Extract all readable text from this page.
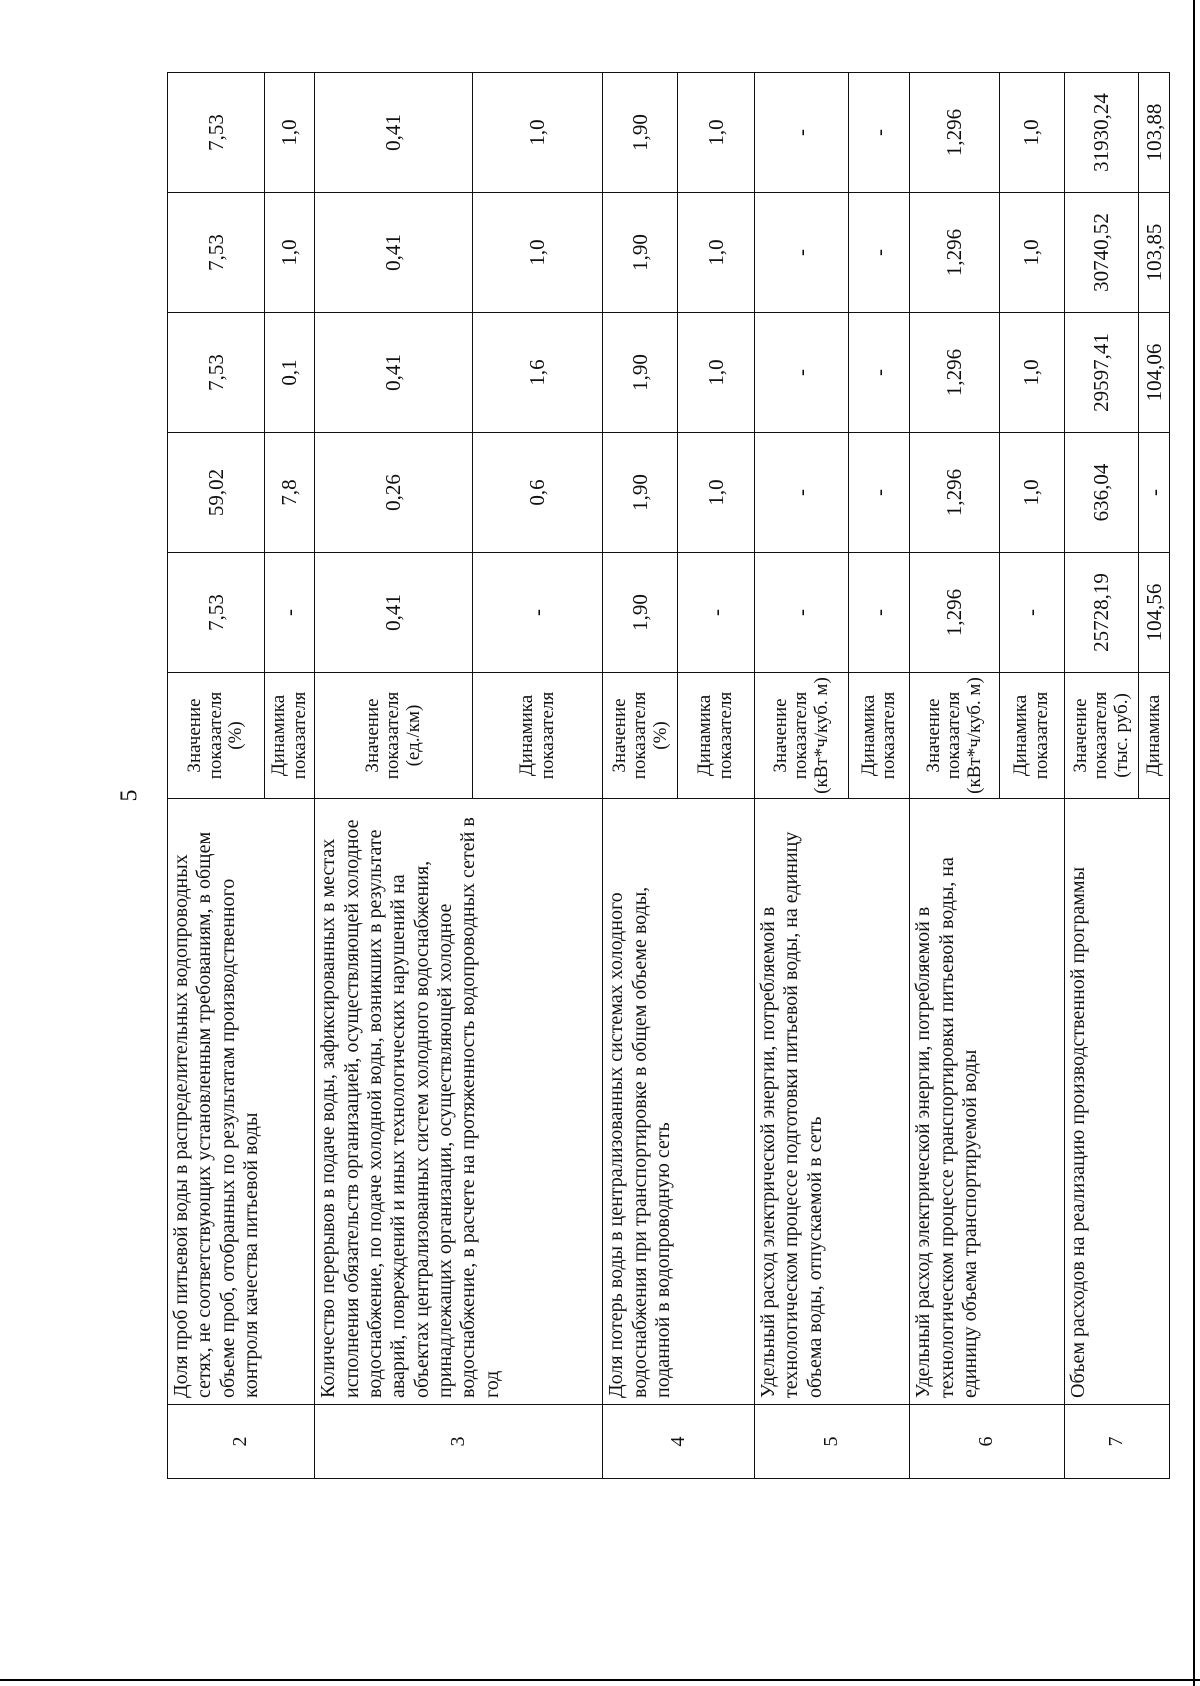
5
2	Доля проб питьевой воды в распределительных водопроводных сетях, не соответствующих установленным требованиям, в общем объеме проб, отобранных по результатам производственного контроля качества питьевой воды	Значение показателя (%)	7,53	59,02	7,53	7,53	7,53
		Динамика показателя	-	7,8	0,1	1,0	1,0
3	Количество перерывов в подаче воды, зафиксированных в местах исполнения обязательств организацией, осуществляющей холодное водоснабжение, по подаче холодной воды, возникших в результате аварий, повреждений и иных технологических нарушений на объектах централизованных систем холодного водоснабжения, принадлежащих организации, осуществляющей холодное водоснабжение, в расчете на протяженность водопроводных сетей в год	Значение показателя (ед./км)	0,41	0,26	0,41	0,41	0,41
		Динамика показателя	-	0,6	1,6	1,0	1,0
4	Доля потерь воды в централизованных системах холодного водоснабжения при транспортировке в общем объеме воды, поданной в водопроводную сеть	Значение показателя (%)	1,90	1,90	1,90	1,90	1,90
		Динамика показателя	-	1,0	1,0	1,0	1,0
5	Удельный расход электрической энергии, потребляемой в технологическом процессе подготовки питьевой воды, на единицу объема воды, отпускаемой в сеть	Значение показателя (кВт*ч/куб. м)	-	-	-	-	-
		Динамика показателя	-	-	-	-	-
6	Удельный расход электрической энергии, потребляемой в технологическом процессе транспортировки питьевой воды, на единицу объема транспортируемой воды	Значение показателя (кВт*ч/куб. м)	1,296	1,296	1,296	1,296	1,296
		Динамика показателя	-	1,0	1,0	1,0	1,0
7	Объем расходов на реализацию производственной программы	Значение показателя (тыс. руб.)	25728,19	636,04	29597,41	30740,52	31930,24
		Динамика	104,56	-	104,06	103,85	103,88
